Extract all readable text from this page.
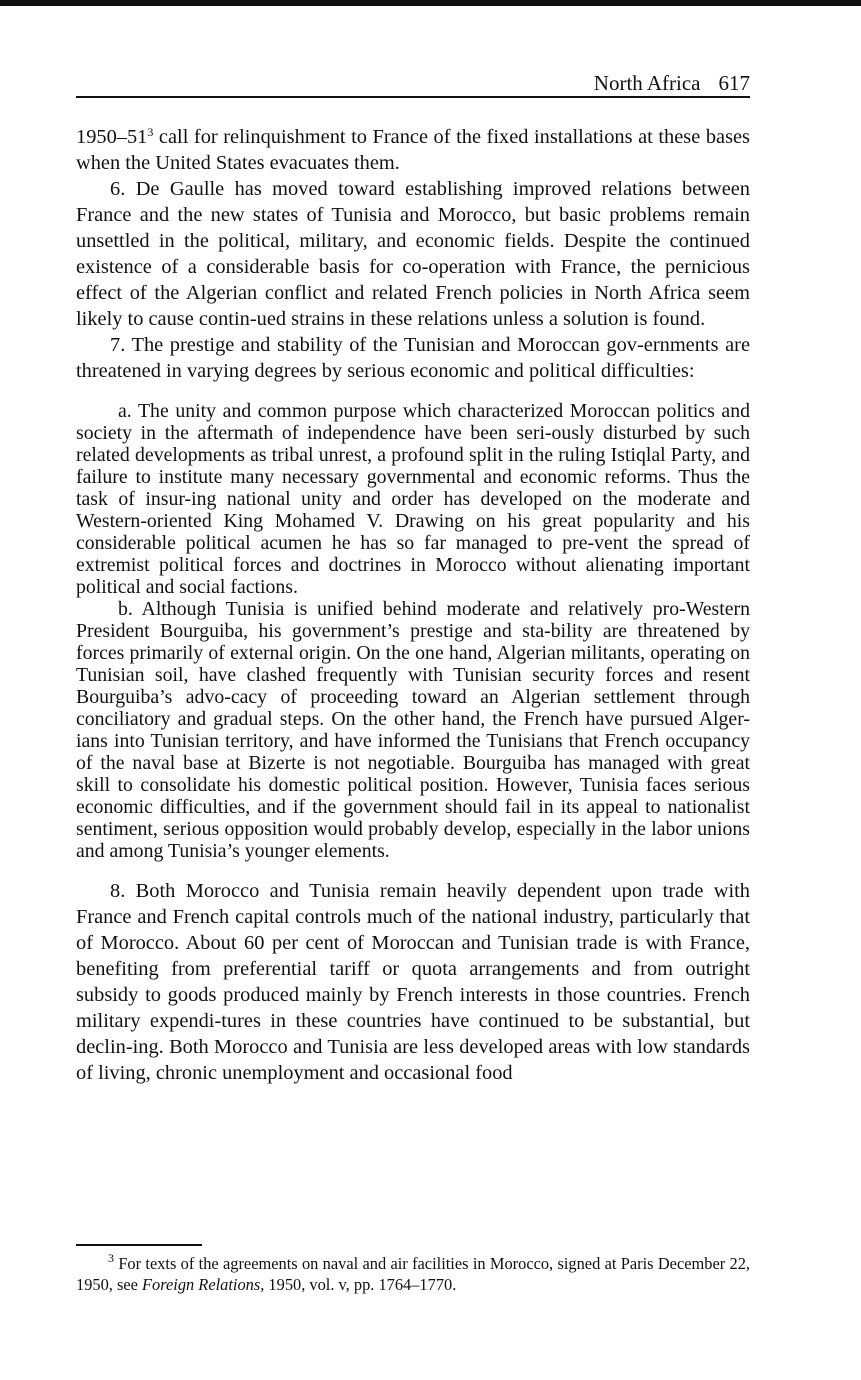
North Africa 617

$1950-51^3$ call for relinquishment to France of the fixed installations at these bases when the United States evacuates them.

6. De Gaulle has moved toward establishing improved relations between France and the new states of Tunisia and Morocco, but basic problems remain unsettled in the political, military, and economic fields. Despite the continued existence of a considerable basis for co-operation with France, the pernicious effect of the Algerian conflict and related French policies in North Africa seem likely to cause contin-ued strains in these relations unless a solution is found.

7. The prestige and stability of the Tunisian and Moroccan gov-ernments are threatened in varying degrees by serious economic and political difficulties:

a. The unity and common purpose which characterized Moroccan politics and society in the aftermath of independence have been seri-ously disturbed by such related developments as tribal unrest, a profound split in the ruling Istiqlal Party, and failure to institute many necessary governmental and economic reforms. Thus the task of insur-ing national unity and order has developed on the moderate and Western-oriented King Mohamed V. Drawing on his great popularity and his considerable political acumen he has so far managed to pre-vent the spread of extremist political forces and doctrines in Morocco without alienating important political and social factions.

b. Although Tunisia is unified behind moderate and relatively pro-Western President Bourguiba, his government’s prestige and sta-bility are threatened by forces primarily of external origin. On the one hand, Algerian militants, operating on Tunisian soil, have clashed frequently with Tunisian security forces and resent Bourguiba’s advo-cacy of proceeding toward an Algerian settlement through conciliatory and gradual steps. On the other hand, the French have pursued Alger-ians into Tunisian territory, and have informed the Tunisians that French occupancy of the naval base at Bizerte is not negotiable. Bourguiba has managed with great skill to consolidate his domestic political position. However, Tunisia faces serious economic difficulties, and if the government should fail in its appeal to nationalist sentiment, serious opposition would probably develop, especially in the labor unions and among Tunisia’s younger elements.

8. Both Morocco and Tunisia remain heavily dependent upon trade with France and French capital controls much of the national industry, particularly that of Morocco. About 60 per cent of Moroccan and Tunisian trade is with France, benefiting from preferential tariff or quota arrangements and from outright subsidy to goods produced mainly by French interests in those countries. French military expendi-tures in these countries have continued to be substantial, but declin-ing. Both Morocco and Tunisia are less developed areas with low standards of living, chronic unemployment and occasional food

$^3$ For texts of the agreements on naval and air facilities in Morocco, signed at Paris December 22, 1950, see Foreign Relations, 1950, vol. v, pp. 1764–1770.
